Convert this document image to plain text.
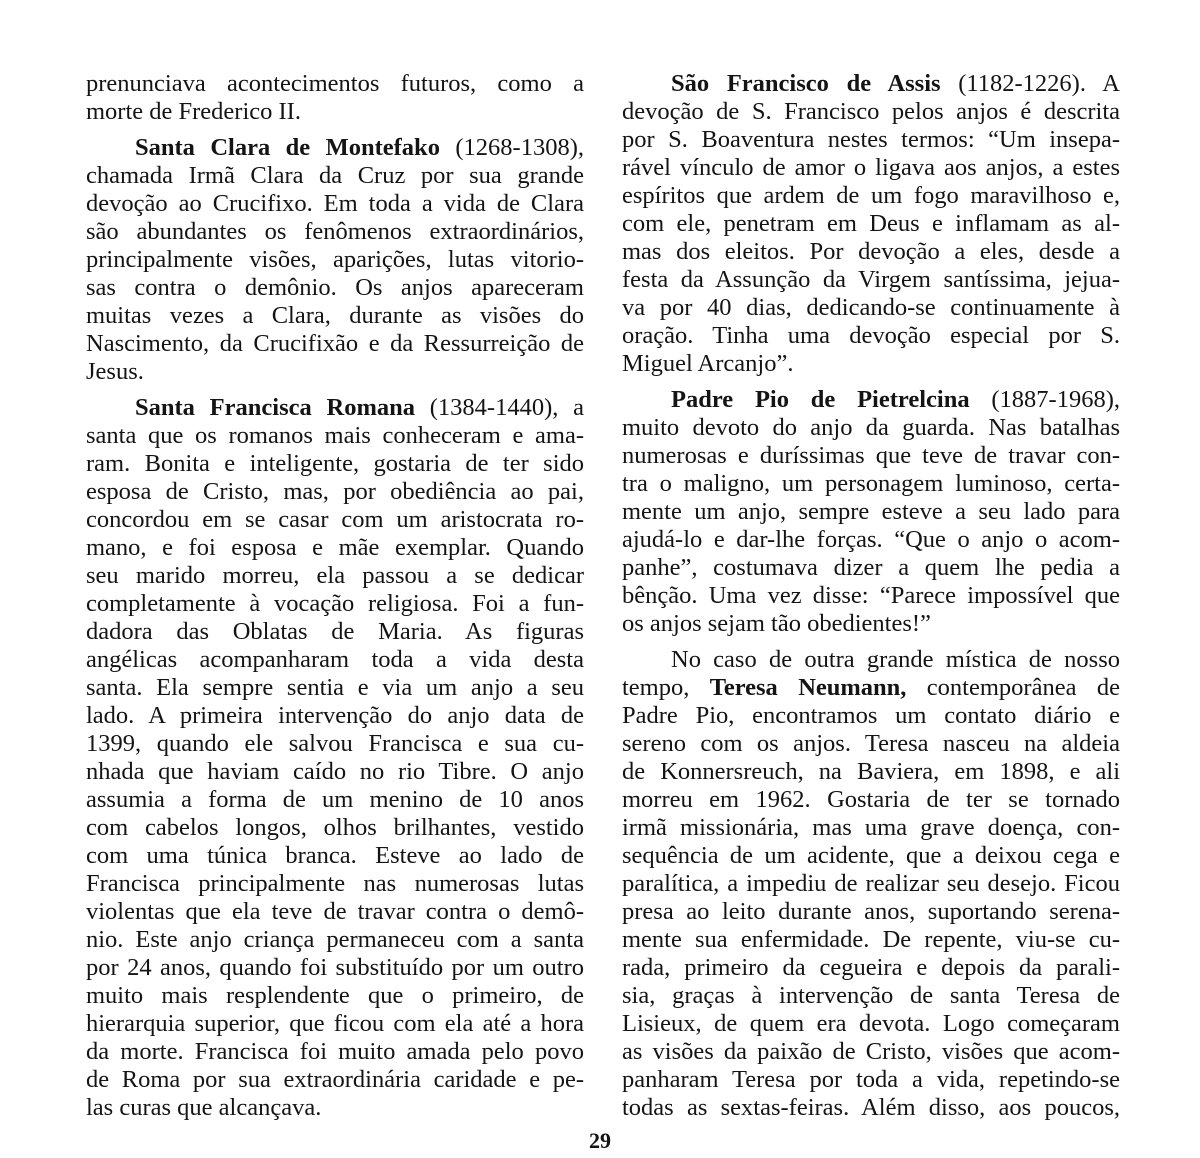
prenunciava acontecimentos futuros, como a
morte de Frederico II.
Santa Clara de Montefako (1268-1308),
chamada Irmã Clara da Cruz por sua grande
devoção ao Crucifixo. Em toda a vida de Clara
são abundantes os fenômenos extraordinários,
principalmente visões, aparições, lutas vitorio-
sas contra o demônio. Os anjos apareceram
muitas vezes a Clara, durante as visões do
Nascimento, da Crucifixão e da Ressurreição de
Jesus.
Santa Francisca Romana (1384-1440), a
santa que os romanos mais conheceram e ama-
ram. Bonita e inteligente, gostaria de ter sido
esposa de Cristo, mas, por obediência ao pai,
concordou em se casar com um aristocrata ro-
mano, e foi esposa e mãe exemplar. Quando
seu marido morreu, ela passou a se dedicar
completamente à vocação religiosa. Foi a fun-
dadora das Oblatas de Maria. As figuras
angélicas acompanharam toda a vida desta
santa. Ela sempre sentia e via um anjo a seu
lado. A primeira intervenção do anjo data de
1399, quando ele salvou Francisca e sua cu-
nhada que haviam caído no rio Tibre. O anjo
assumia a forma de um menino de 10 anos
com cabelos longos, olhos brilhantes, vestido
com uma túnica branca. Esteve ao lado de
Francisca principalmente nas numerosas lutas
violentas que ela teve de travar contra o demô-
nio. Este anjo criança permaneceu com a santa
por 24 anos, quando foi substituído por um outro
muito mais resplendente que o primeiro, de
hierarquia superior, que ficou com ela até a hora
da morte. Francisca foi muito amada pelo povo
de Roma por sua extraordinária caridade e pe-
las curas que alcançava.
São Francisco de Assis (1182-1226). A
devoção de S. Francisco pelos anjos é descrita
por S. Boaventura nestes termos: “Um insepa-
rável vínculo de amor o ligava aos anjos, a estes
espíritos que ardem de um fogo maravilhoso e,
com ele, penetram em Deus e inflamam as al-
mas dos eleitos. Por devoção a eles, desde a
festa da Assunção da Virgem santíssima, jejua-
va por 40 dias, dedicando-se continuamente à
oração. Tinha uma devoção especial por S.
Miguel Arcanjo”.
Padre Pio de Pietrelcina (1887-1968),
muito devoto do anjo da guarda. Nas batalhas
numerosas e duríssimas que teve de travar con-
tra o maligno, um personagem luminoso, certa-
mente um anjo, sempre esteve a seu lado para
ajudá-lo e dar-lhe forças. “Que o anjo o acom-
panhe”, costumava dizer a quem lhe pedia a
bênção. Uma vez disse: “Parece impossível que
os anjos sejam tão obedientes!”
No caso de outra grande mística de nosso
tempo, Teresa Neumann, contemporânea de
Padre Pio, encontramos um contato diário e
sereno com os anjos. Teresa nasceu na aldeia
de Konnersreuch, na Baviera, em 1898, e ali
morreu em 1962. Gostaria de ter se tornado
irmã missionária, mas uma grave doença, con-
sequência de um acidente, que a deixou cega e
paralítica, a impediu de realizar seu desejo. Ficou
presa ao leito durante anos, suportando serena-
mente sua enfermidade. De repente, viu-se cu-
rada, primeiro da cegueira e depois da parali-
sia, graças à intervenção de santa Teresa de
Lisieux, de quem era devota. Logo começaram
as visões da paixão de Cristo, visões que acom-
panharam Teresa por toda a vida, repetindo-se
todas as sextas-feiras. Além disso, aos poucos,
29
